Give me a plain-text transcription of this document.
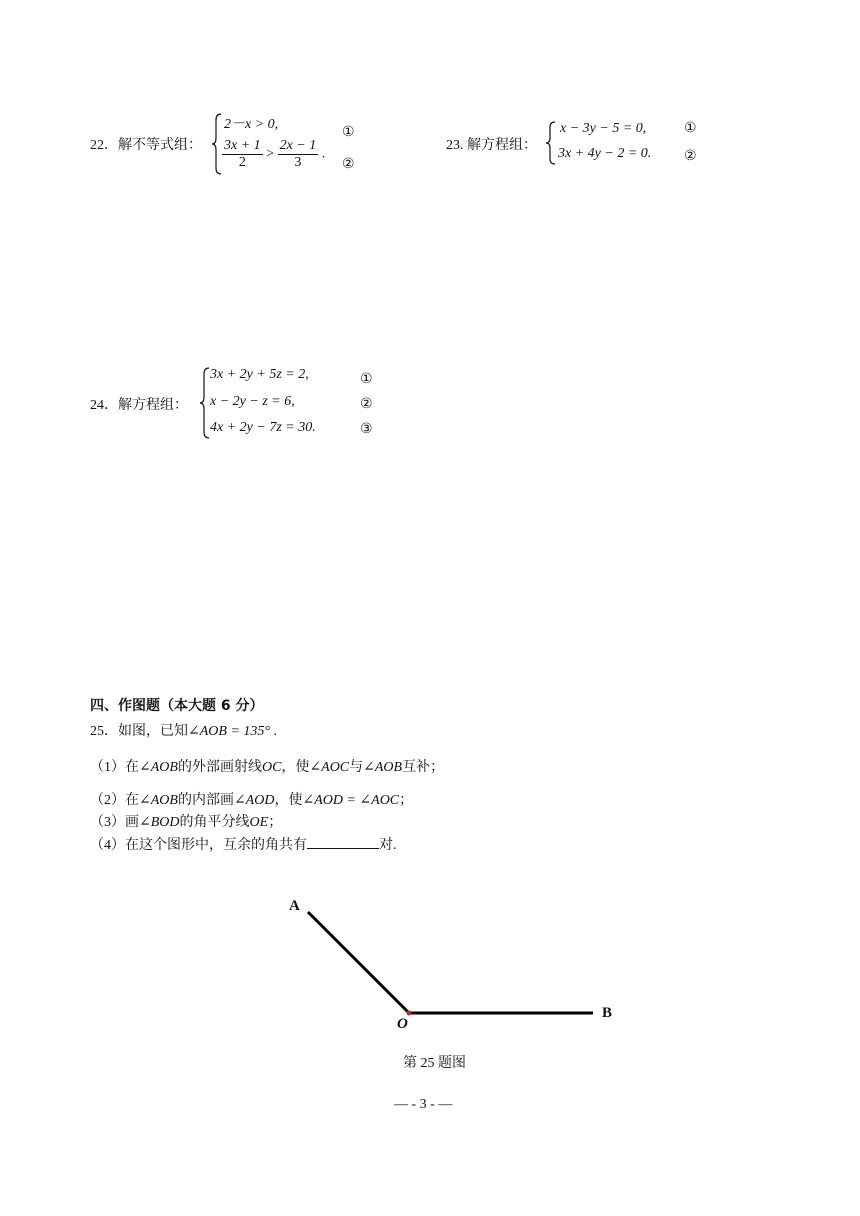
22．解不等式组：
2－x > 0,
$\frac{3x + 1}{2} > \frac{2x - 1}{3}$ .
①
②
23. 解方程组：
x − 3y − 5 = 0,
3x + 4y − 2 = 0.
①
②
24．解方程组：
3x + 2y + 5z = 2,
x − 2y − z = 6,
4x + 2y − 7z = 30.
①
②
③
四、作图题（本大题 6 分）
25．如图，已知∠AOB = 135° .
（1）在∠AOB的外部画射线OC，使∠AOC与∠AOB互补；
（2）在∠AOB的内部画∠AOD，使∠AOD = ∠AOC；
（3）画∠BOD的角平分线OE；
（4）在这个图形中，互余的角共有	对.
A
O
B
第 25 题图
— - 3 - —
